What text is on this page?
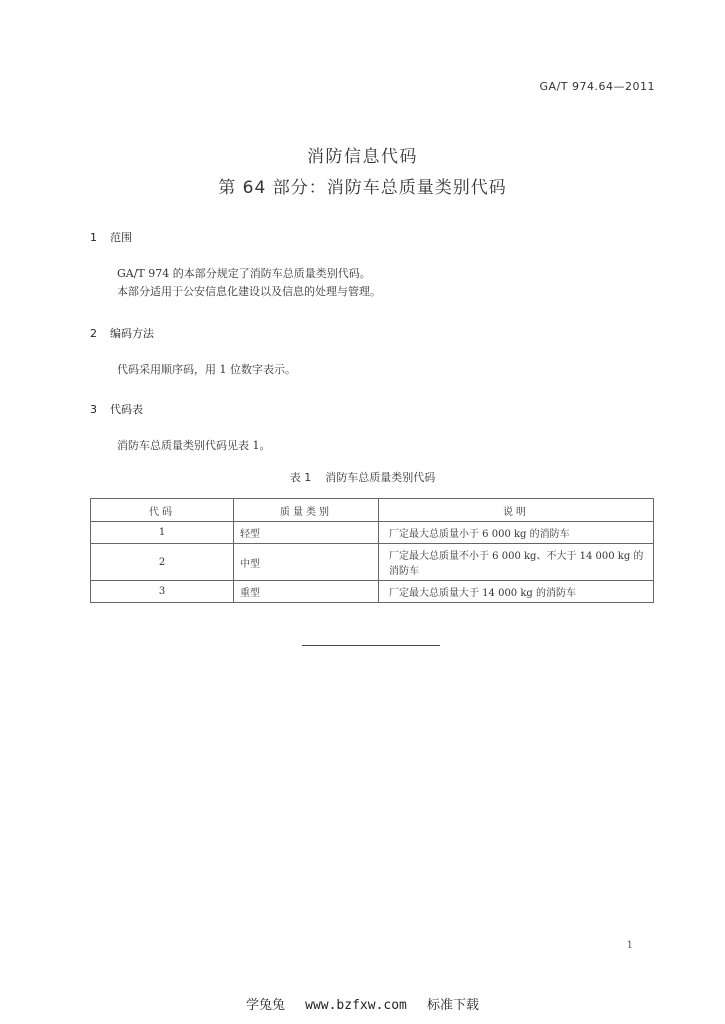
GA/T 974.64—2011
消防信息代码
第 64 部分：消防车总质量类别代码
1 范围
GA/T 974 的本部分规定了消防车总质量类别代码。
本部分适用于公安信息化建设以及信息的处理与管理。
2 编码方法
代码采用顺序码，用 1 位数字表示。
3 代码表
消防车总质量类别代码见表 1。
表 1 消防车总质量类别代码
代码	质量类别	说明
1	轻型	厂定最大总质量小于 6 000 kg 的消防车
2	中型	厂定最大总质量不小于 6 000 kg、不大于 14 000 kg 的消防车
3	重型	厂定最大总质量大于 14 000 kg 的消防车
1
学兔兔 www.bzfxw.com 标准下载
